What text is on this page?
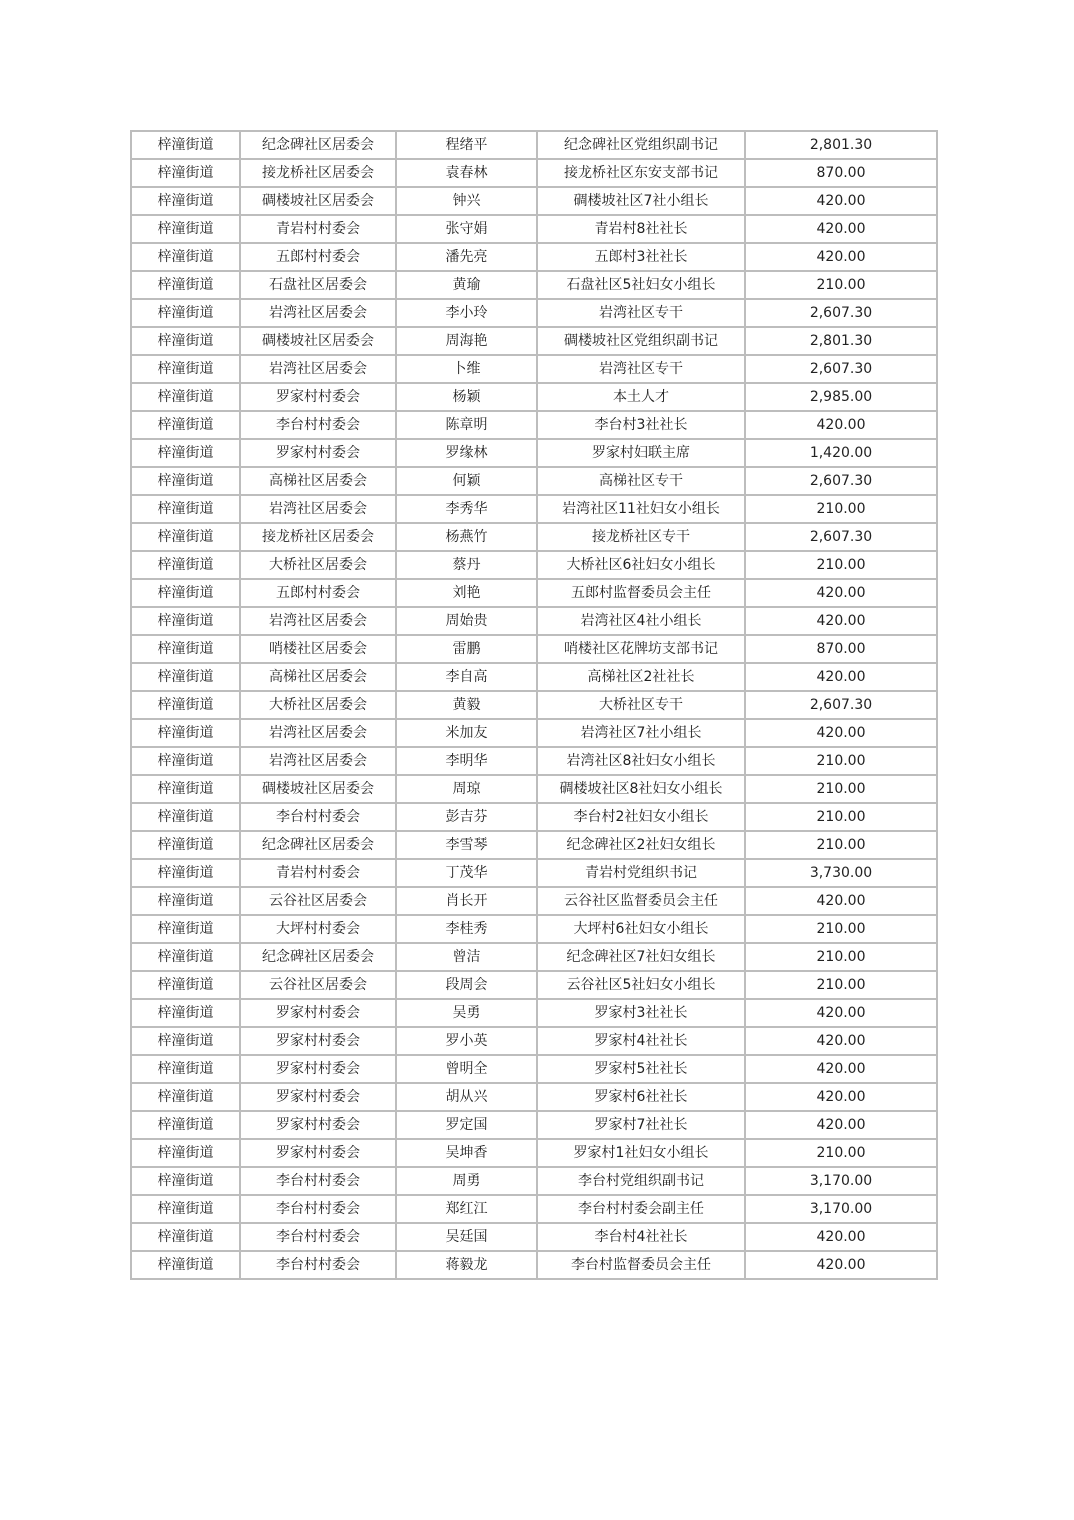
梓潼街道	纪念碑社区居委会	程绪平	纪念碑社区党组织副书记	2,801.30
梓潼街道	接龙桥社区居委会	袁春林	接龙桥社区东安支部书记	870.00
梓潼街道	碉楼坡社区居委会	钟兴	碉楼坡社区7社小组长	420.00
梓潼街道	青岩村村委会	张守娟	青岩村8社社长	420.00
梓潼街道	五郎村村委会	潘先亮	五郎村3社社长	420.00
梓潼街道	石盘社区居委会	黄瑜	石盘社区5社妇女小组长	210.00
梓潼街道	岩湾社区居委会	李小玲	岩湾社区专干	2,607.30
梓潼街道	碉楼坡社区居委会	周海艳	碉楼坡社区党组织副书记	2,801.30
梓潼街道	岩湾社区居委会	卜维	岩湾社区专干	2,607.30
梓潼街道	罗家村村委会	杨颖	本土人才	2,985.00
梓潼街道	李台村村委会	陈章明	李台村3社社长	420.00
梓潼街道	罗家村村委会	罗缘林	罗家村妇联主席	1,420.00
梓潼街道	高梯社区居委会	何颖	高梯社区专干	2,607.30
梓潼街道	岩湾社区居委会	李秀华	岩湾社区11社妇女小组长	210.00
梓潼街道	接龙桥社区居委会	杨燕竹	接龙桥社区专干	2,607.30
梓潼街道	大桥社区居委会	蔡丹	大桥社区6社妇女小组长	210.00
梓潼街道	五郎村村委会	刘艳	五郎村监督委员会主任	420.00
梓潼街道	岩湾社区居委会	周始贵	岩湾社区4社小组长	420.00
梓潼街道	哨楼社区居委会	雷鹏	哨楼社区花牌坊支部书记	870.00
梓潼街道	高梯社区居委会	李自高	高梯社区2社社长	420.00
梓潼街道	大桥社区居委会	黄毅	大桥社区专干	2,607.30
梓潼街道	岩湾社区居委会	米加友	岩湾社区7社小组长	420.00
梓潼街道	岩湾社区居委会	李明华	岩湾社区8社妇女小组长	210.00
梓潼街道	碉楼坡社区居委会	周琼	碉楼坡社区8社妇女小组长	210.00
梓潼街道	李台村村委会	彭吉芬	李台村2社妇女小组长	210.00
梓潼街道	纪念碑社区居委会	李雪琴	纪念碑社区2社妇女组长	210.00
梓潼街道	青岩村村委会	丁茂华	青岩村党组织书记	3,730.00
梓潼街道	云谷社区居委会	肖长开	云谷社区监督委员会主任	420.00
梓潼街道	大坪村村委会	李桂秀	大坪村6社妇女小组长	210.00
梓潼街道	纪念碑社区居委会	曾洁	纪念碑社区7社妇女组长	210.00
梓潼街道	云谷社区居委会	段周会	云谷社区5社妇女小组长	210.00
梓潼街道	罗家村村委会	吴勇	罗家村3社社长	420.00
梓潼街道	罗家村村委会	罗小英	罗家村4社社长	420.00
梓潼街道	罗家村村委会	曾明全	罗家村5社社长	420.00
梓潼街道	罗家村村委会	胡从兴	罗家村6社社长	420.00
梓潼街道	罗家村村委会	罗定国	罗家村7社社长	420.00
梓潼街道	罗家村村委会	吴坤香	罗家村1社妇女小组长	210.00
梓潼街道	李台村村委会	周勇	李台村党组织副书记	3,170.00
梓潼街道	李台村村委会	郑红江	李台村村委会副主任	3,170.00
梓潼街道	李台村村委会	吴廷国	李台村4社社长	420.00
梓潼街道	李台村村委会	蒋毅龙	李台村监督委员会主任	420.00
